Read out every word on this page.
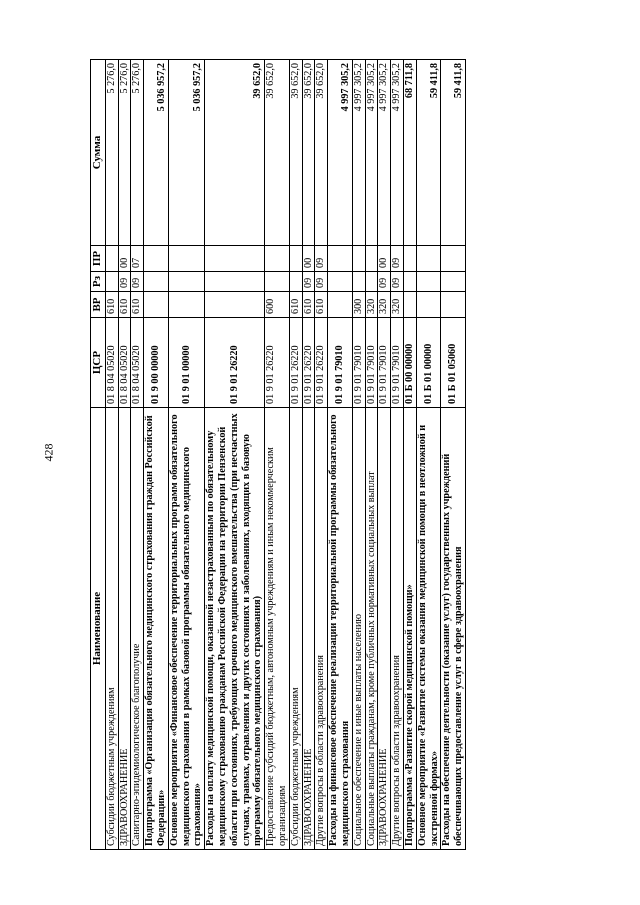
428
Наименование	ЦСР	ВР	Рз	ПР	Сумма
Субсидии бюджетным учреждениям	01 8 04 05020	610			5 276,0
ЗДРАВООХРАНЕНИЕ	01 8 04 05020	610	09	00	5 276,0
Санитарно-эпидемиологическое благополучие	01 8 04 05020	610	09	07	5 276,0
Подпрограмма «Организация обязательного медицинского страхования граждан Российской Федерации»	01 9 00 00000				5 036 957,2
Основное мероприятие «Финансовое обеспечение территориальных программ обязательного медицинского страхования в рамках базовой программы обязательного медицинского страхования»	01 9 01 00000				5 036 957,2
Расходы на оплату медицинской помощи, оказанной незастрахованным по обязательному медицинскому страхованию гражданам Российской Федерации на территории Пензенской области при состояниях, требующих срочного медицинского вмешательства (при несчастных случаях, травмах, отравлениях и других состояниях и заболеваниях, входящих в базовую программу обязательного медицинского страхования)	01 9 01 26220				39 652,0
Предоставление субсидий бюджетным, автономным учреждениям и иным некоммерческим организациям	01 9 01 26220	600			39 652,0
Субсидии бюджетным учреждениям	01 9 01 26220	610			39 652,0
ЗДРАВООХРАНЕНИЕ	01 9 01 26220	610	09	00	39 652,0
Другие вопросы в области здравоохранения	01 9 01 26220	610	09	09	39 652,0
Расходы на финансовое обеспечение реализации территориальной программы обязательного медицинского страхования	01 9 01 79010				4 997 305,2
Социальное обеспечение и иные выплаты населению	01 9 01 79010	300			4 997 305,2
Социальные выплаты гражданам, кроме публичных нормативных социальных выплат	01 9 01 79010	320			4 997 305,2
ЗДРАВООХРАНЕНИЕ	01 9 01 79010	320	09	00	4 997 305,2
Другие вопросы в области здравоохранения	01 9 01 79010	320	09	09	4 997 305,2
Подпрограмма «Развитие скорой медицинской помощи»	01 Б 00 00000				68 711,8
Основное мероприятие «Развитие системы оказания медицинской помощи в неотложной и экстренной формах»	01 Б 01 00000				59 411,8
Расходы на обеспечение деятельности (оказание услуг) государственных учреждений обеспечивающих предоставление услуг в сфере здравоохранения	01 Б 01 05060				59 411,8
